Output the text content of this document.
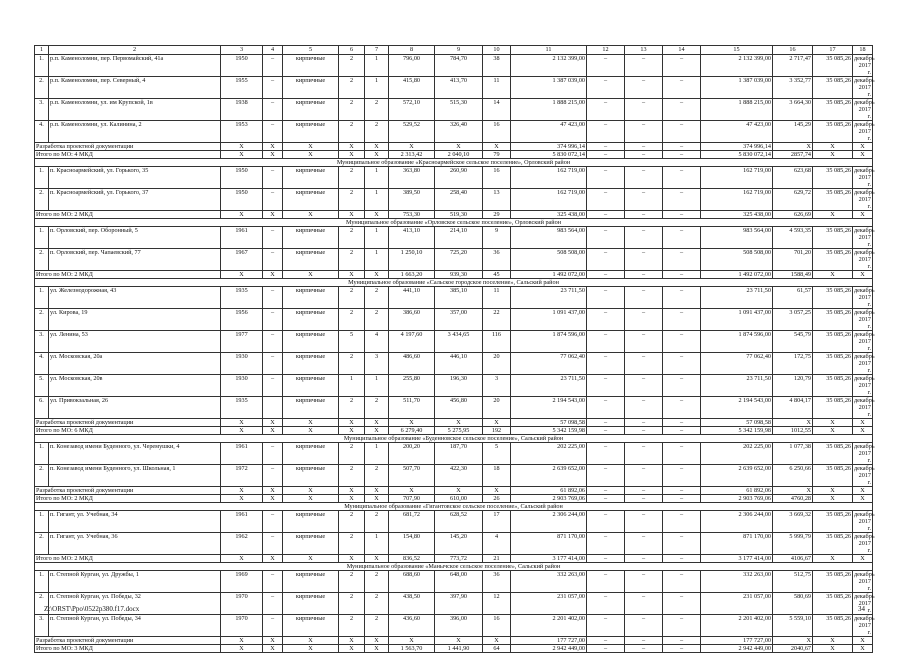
1	2	3	4	5	6	7	8	9	10	11	12	13	14	15	16	17	18
1.	р.п. Каменоломни, пер. Первомайский, 41а	1950	–	кирпичные	2	1	796,00	784,70	38	2 132 399,00	–	–	–	2 132 399,00	2 717,47	35 085,26	декабрь 2017 г.
2.	р.п. Каменоломни, пер. Северный, 4	1955	–	кирпичные	2	1	415,80	413,70	11	1 387 039,00	–	–	–	1 387 039,00	3 352,77	35 085,26	декабрь 2017 г.
3.	р.п. Каменоломни, ул. им Крупской, 1в	1938	–	кирпичные	2	2	572,10	515,30	14	1 888 215,00	–	–	–	1 888 215,00	3 664,30	35 085,26	декабрь 2017 г.
4.	р.п. Каменоломни, ул. Калинина, 2	1953	–	кирпичные	2	2	529,52	326,40	16	47 423,00	–	–	–	47 423,00	145,29	35 085,26	декабрь 2017 г.
Разработка проектной документации		X	X	X	X	X	X	X	X	374 996,14	–	–	–	374 996,14	X	X	X
Итого по МО: 4 МКД		X	X	X	X	X	2 313,42	2 040,10	79	5 830 072,14	–	–	–	5 830 072,14	2857,74	X	X
Муниципальное образование «Красноармейское сельское поселение», Орловский район																	
1.	п. Красноармейский, ул. Горького, 35	1950	–	кирпичные	2	1	363,80	260,90	16	162 719,00	–	–	–	162 719,00	623,68	35 085,26	декабрь 2017 г.
2.	п. Красноармейский, ул. Горького, 37	1950	–	кирпичные	2	1	389,50	258,40	13	162 719,00	–	–	–	162 719,00	629,72	35 085,26	декабрь 2017 г.
Итого по МО: 2 МКД		X	X	X	X	X	753,30	519,30	29	325 438,00	–	–	–	325 438,00	626,69	X	X
Муниципальное образование «Орловское сельское поселение», Орловский район																	
1.	п. Орловский, пер. Оборонный, 5	1961	–	кирпичные	2	1	413,10	214,10	9	983 564,00	–	–	–	983 564,00	4 593,35	35 085,26	декабрь 2017 г.
2.	п. Орловский, пер. Чапаевский, 77	1967	–	кирпичные	2	1	1 250,10	725,20	36	508 508,00	–	–	–	508 508,00	701,20	35 085,26	декабрь 2017 г.
Итого по МО: 2 МКД		X	X	X	X	X	1 663,20	939,30	45	1 492 072,00	–	–	–	1 492 072,00	1588,49	X	X
Муниципальное образование «Сальское городское поселение», Сальский район																	
1.	ул. Железнодорожная, 43	1935	–	кирпичные	2	2	441,10	385,10	11	23 711,50	–	–	–	23 711,50	61,57	35 085,26	декабрь 2017 г.
2.	ул. Кирова, 19	1956	–	кирпичные	2	2	386,60	357,00	22	1 091 437,00	–	–	–	1 091 437,00	3 057,25	35 085,26	декабрь 2017 г.
3.	ул. Ленина, 53	1977	–	кирпичные	5	4	4 197,60	3 434,65	116	1 874 596,00	–	–	–	1 874 596,00	545,79	35 085,26	декабрь 2017 г.
4.	ул. Московская, 20а	1930	–	кирпичные	2	3	486,60	446,10	20	77 062,40	–	–	–	77 062,40	172,75	35 085,26	декабрь 2017 г.
5.	ул. Московская, 20в	1930	–	кирпичные	1	1	255,80	196,30	3	23 711,50	–	–	–	23 711,50	120,79	35 085,26	декабрь 2017 г.
6.	ул. Привокзальная, 26	1935		кирпичные	2	2	511,70	456,80	20	2 194 543,00	–	–	–	2 194 543,00	4 804,17	35 085,26	декабрь 2017 г.
Разработка проектной документации		X	X	X	X	X	X	X	X	57 098,58	–	–	–	57 098,58	X	X	X
Итого по МО: 6 МКД		X	X	X	X	X	6 279,40	5 275,95	192	5 342 159,98	–	–	–	5 342 159,98	1012,55	X	X
Муниципальное образование «Буденновское сельское поселение», Сальский район																	
1.	п. Конезавод имени Буденного, ул. Черемушки, 4	1961	–	кирпичные	2	1	200,20	187,70	5	202 225,00	–	–	–	202 225,00	1 077,38	35 085,26	декабрь 2017 г.
2.	п. Конезавод имени Буденного, ул. Школьная, 1	1972	–	кирпичные	2	2	507,70	422,30	18	2 639 652,00	–	–	–	2 639 652,00	6 250,66	35 085,26	декабрь 2017 г.
Разработка проектной документации		X	X	X	X	X	X	X	X	61 892,06	–	–	–	61 892,06	X	X	X
Итого по МО: 2 МКД		X	X	X	X	X	707,90	610,00	26	2 903 769,06	–	–	–	2 903 769,06	4760,28	X	X
Муниципальное образование «Гигантовское сельское поселение», Сальский район																	
1.	п. Гигант, ул. Учебная, 34	1961	–	кирпичные	2	2	681,72	628,52	17	2 306 244,00	–	–	–	2 306 244,00	3 669,32	35 085,26	декабрь 2017 г.
2.	п. Гигант, ул. Учебная, 36	1962	–	кирпичные	2	1	154,80	145,20	4	871 170,00	–	–	–	871 170,00	5 999,79	35 085,26	декабрь 2017 г.
Итого по МО: 2 МКД		X	X	X	X	X	836,52	773,72	21	3 177 414,00	–	–	–	3 177 414,00	4106,67	X	X
Муниципальное образование «Манычское сельское поселение», Сальский район																	
1.	п. Степной Курган, ул. Дружбы, 1	1969	–	кирпичные	2	2	688,60	648,00	36	332 263,00	–	–	–	332 263,00	512,75	35 085,26	декабрь 2017 г.
2.	п. Степной Курган, ул. Победы, 32	1970	–	кирпичные	2	2	438,50	397,90	12	231 057,00	–	–	–	231 057,00	580,69	35 085,26	декабрь 2017 г.
3.	п. Степной Курган, ул. Победы, 34	1970	–	кирпичные	2	2	436,60	396,00	16	2 201 402,00	–	–	–	2 201 402,00	5 559,10	35 085,26	декабрь 2017 г.
Разработка проектной документации		X	X	X	X	X	X	X	X	177 727,00	–	–	–	177 727,00	X	X	X
Итого по МО: 3 МКД		X	X	X	X	X	1 563,70	1 441,90	64	2 942 449,00	–	–	–	2 942 449,00	2040,67	X	X
Z:\ORST\Ppo\0522p380.f17.docx	34
